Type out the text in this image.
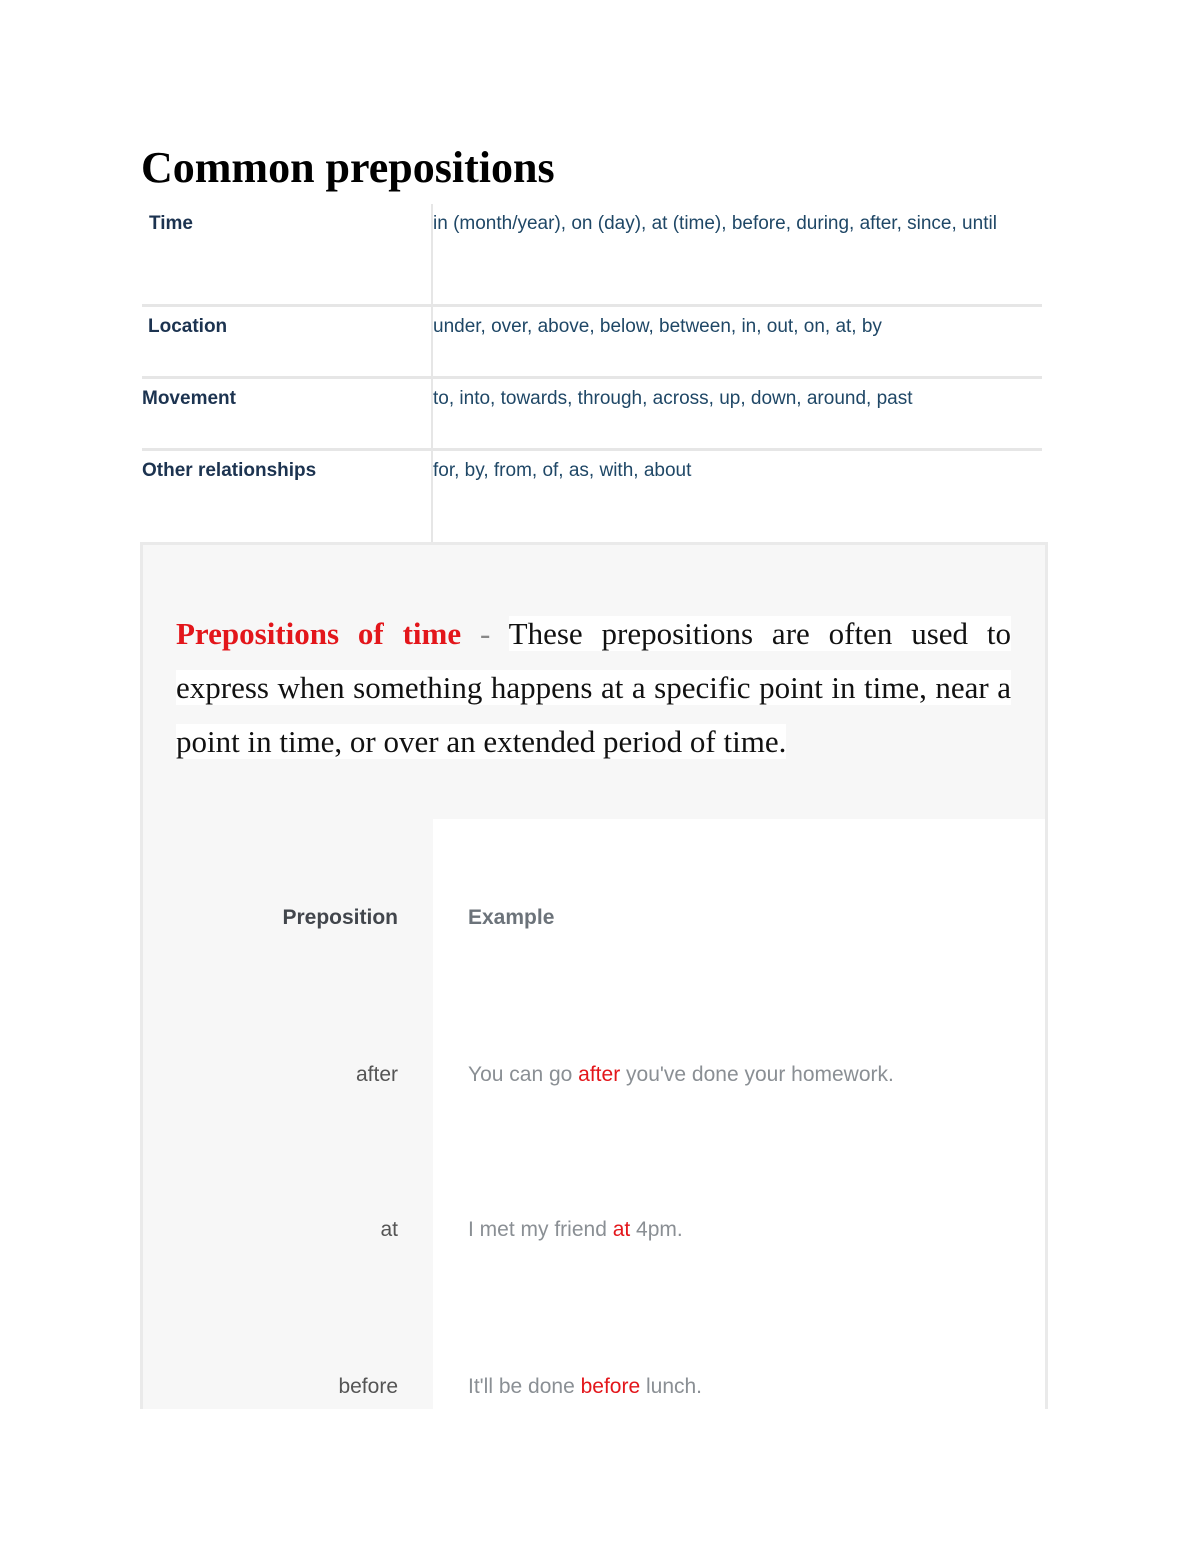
Common prepositions
Time	in (month/year), on (day), at (time), before, during, after, since, until
Location	under, over, above, below, between, in, out, on, at, by
Movement	to, into, towards, through, across, up, down, around, past
Other relationships	for, by, from, of, as, with, about

Prepositions of time - These prepositions are often used to express when something happens at a specific point in time, near a point in time, or over an extended period of time.

Preposition	Example
after	You can go after you've done your homework.
at	I met my friend at 4pm.
before	It'll be done before lunch.
